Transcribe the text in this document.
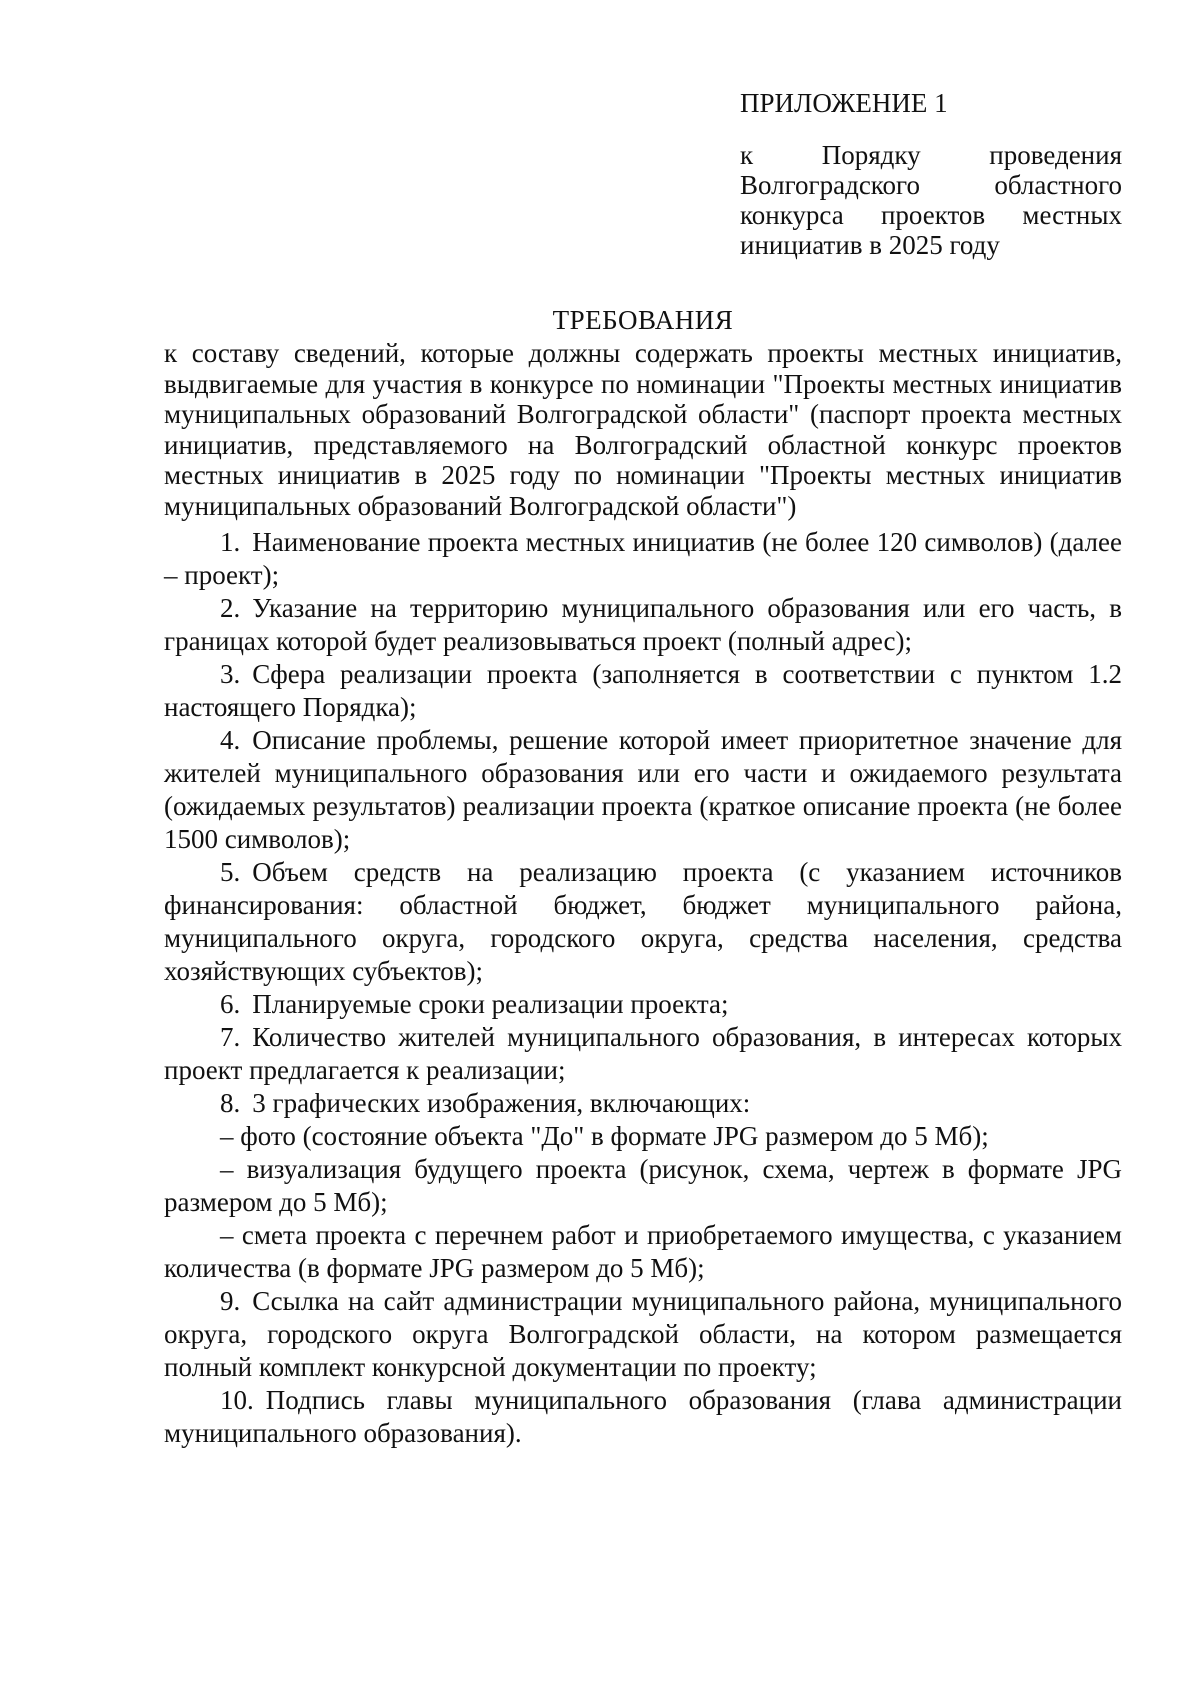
ПРИЛОЖЕНИЕ 1

к Порядку проведения Волгоградского областного конкурса проектов местных инициатив в 2025 году

ТРЕБОВАНИЯ

к составу сведений, которые должны содержать проекты местных инициатив, выдвигаемые для участия в конкурсе по номинации "Проекты местных инициатив муниципальных образований Волгоградской области" (паспорт проекта местных инициатив, представляемого на Волгоградский областной конкурс проектов местных инициатив в 2025 году по номинации "Проекты местных инициатив муниципальных образований Волгоградской области")

1. Наименование проекта местных инициатив (не более 120 символов) (далее – проект);
2. Указание на территорию муниципального образования или его часть, в границах которой будет реализовываться проект (полный адрес);
3. Сфера реализации проекта (заполняется в соответствии с пунктом 1.2 настоящего Порядка);
4. Описание проблемы, решение которой имеет приоритетное значение для жителей муниципального образования или его части и ожидаемого результата (ожидаемых результатов) реализации проекта (краткое описание проекта (не более 1500 символов);
5. Объем средств на реализацию проекта (с указанием источников финансирования: областной бюджет, бюджет муниципального района, муниципального округа, городского округа, средства населения, средства хозяйствующих субъектов);
6. Планируемые сроки реализации проекта;
7. Количество жителей муниципального образования, в интересах которых проект предлагается к реализации;
8. 3 графических изображения, включающих:
– фото (состояние объекта "До" в формате JPG размером до 5 Мб);
– визуализация будущего проекта (рисунок, схема, чертеж в формате JPG размером до 5 Мб);
– смета проекта с перечнем работ и приобретаемого имущества, с указанием количества (в формате JPG размером до 5 Мб);
9. Ссылка на сайт администрации муниципального района, муниципального округа, городского округа Волгоградской области, на котором размещается полный комплект конкурсной документации по проекту;
10. Подпись главы муниципального образования (глава администрации муниципального образования).
